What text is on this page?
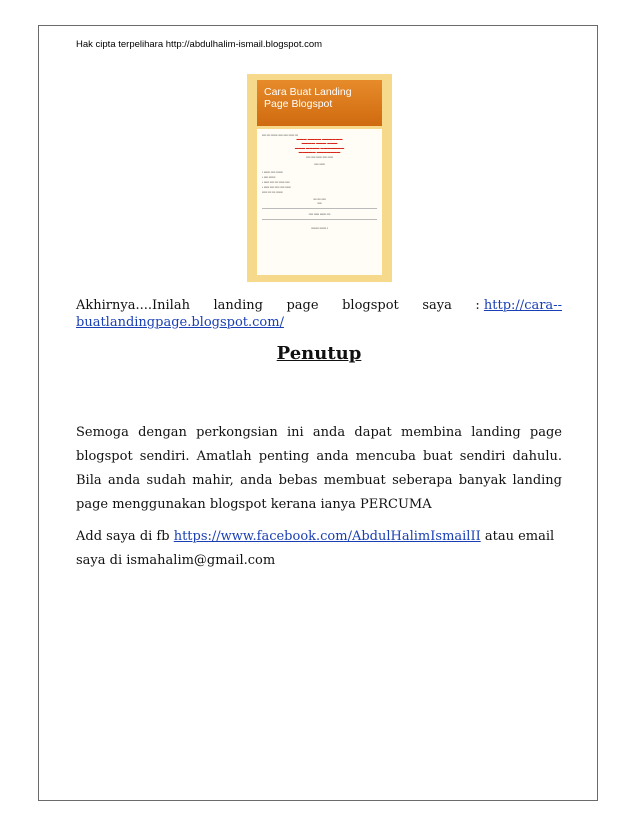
Hak cipta terpelihara http://abdulhalim-ismail.blogspot.com
Cara Buat Landing
Page Blogspot
▪▪▪▪ ▪▪▪ ▪▪▪▪▪▪ ▪▪▪▪ ▪▪▪▪ ▪▪▪▪▪ ▪▪▪
▬▬▬ ▬▬▬▬ ▬▬▬▬▬▬
▬▬▬▬ ▬▬▬ ▬▬▬
▬▬▬ ▬▬▬▬ ▬▬▬▬▬▬▬
▬▬▬▬▬ ▬▬▬▬▬▬▬
▪▪▪▪ ▪▪▪▪ ▪▪▪▪▪ ▪▪▪▪ ▪▪▪▪▪
▪▪▪▪ ▪▪▪▪▪
• ▪▪▪▪▪▪ ▪▪▪▪ ▪▪▪▪▪▪
• ▪▪▪▪ ▪▪▪▪▪▪
• ▪▪▪▪▪ ▪▪▪▪ ▪▪▪ ▪▪▪▪▪ ▪▪▪▪
• ▪▪▪▪▪ ▪▪▪▪ ▪▪▪▪ ▪▪▪▪ ▪▪▪▪▪
▪▪▪▪▪ ▪▪▪ ▪▪▪ ▪▪▪▪▪▪
▪▪▪ ▪▪▪ ▪▪▪▪
▪▪▪▪
▪▪▪▪ ▪▪▪▪▪ ▪▪▪▪▪▪ ▪▪▪
▪▪▪▪▪▪▪ ▪▪▪▪▪▪ ▪
Akhirnya....Inilah landing page blogspot saya : http://cara--
buatlandingpage.blogspot.com/
Penutup
Semoga dengan perkongsian ini anda dapat membina landing page blogspot sendiri. Amatlah penting anda mencuba buat sendiri dahulu. Bila anda sudah mahir, anda bebas membuat seberapa banyak landing page menggunakan blogspot kerana ianya PERCUMA
Add saya di fb https://www.facebook.com/AbdulHalimIsmailII atau email saya di ismahalim@gmail.com
